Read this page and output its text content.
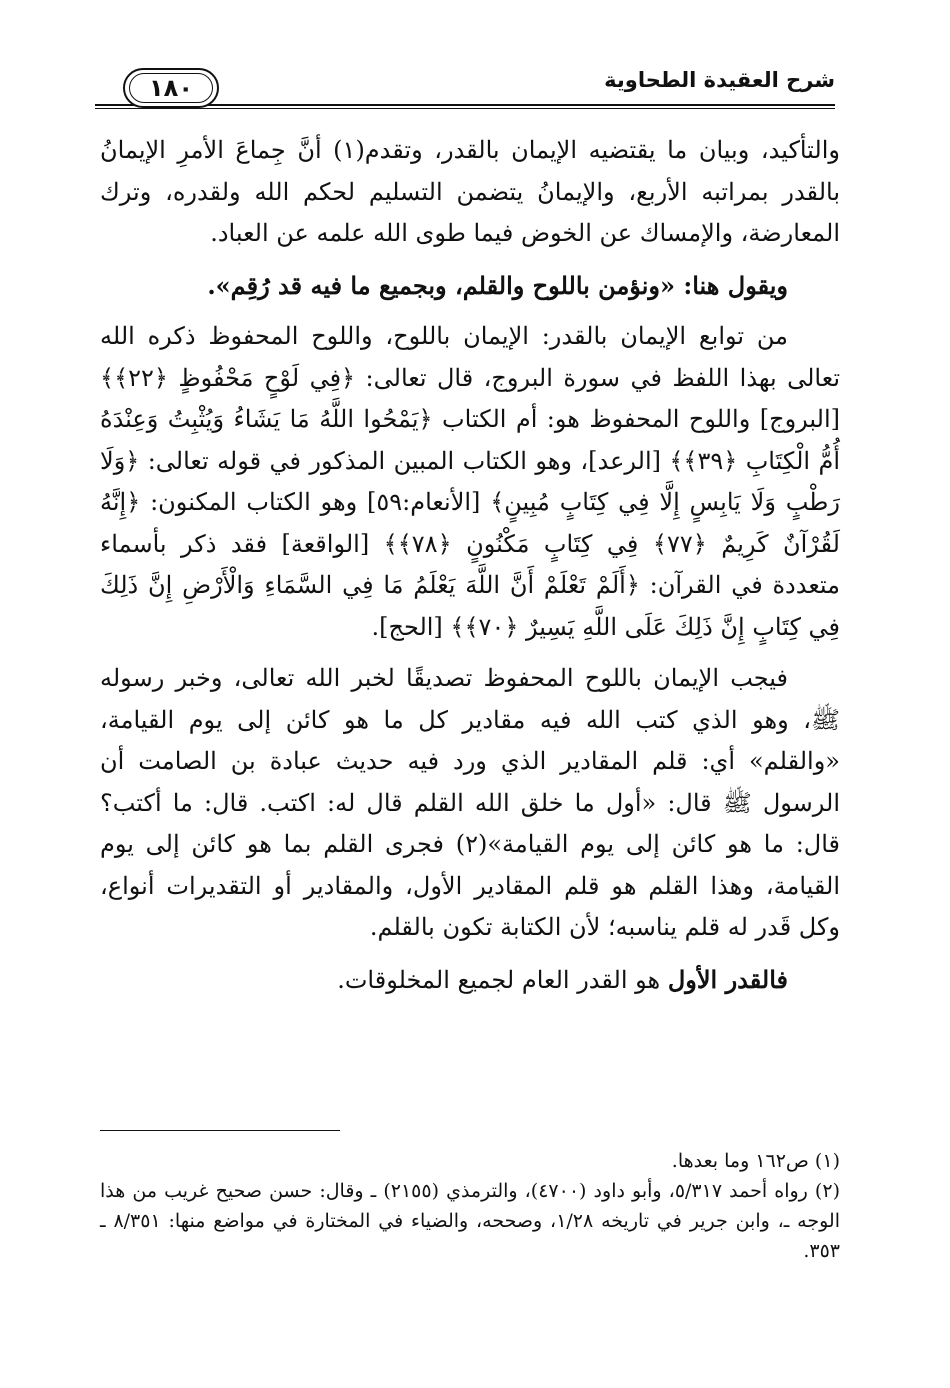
شرح العقيدة الطحاوية
١٨٠

والتأكيد، وبيان ما يقتضيه الإيمان بالقدر، وتقدم(١) أنَّ جِماعَ الأمرِ الإيمانُ بالقدر بمراتبه الأربع، والإيمانُ يتضمن التسليم لحكم الله ولقدره، وترك المعارضة، والإمساك عن الخوض فيما طوى الله علمه عن العباد.

ويقول هنا: «ونؤمن باللوح والقلم، وبجميع ما فيه قد رُقِم».

من توابع الإيمان بالقدر: الإيمان باللوح، واللوح المحفوظ ذكره الله تعالى بهذا اللفظ في سورة البروج، قال تعالى: ﴿فِي لَوْحٍ مَحْفُوظٍ ﴿٢٢﴾﴾ [البروج] واللوح المحفوظ هو: أم الكتاب ﴿يَمْحُوا اللَّهُ مَا يَشَاءُ وَيُثْبِتُ وَعِنْدَهُ أُمُّ الْكِتَابِ ﴿٣٩﴾﴾ [الرعد]، وهو الكتاب المبين المذكور في قوله تعالى: ﴿وَلَا رَطْبٍ وَلَا يَابِسٍ إِلَّا فِي كِتَابٍ مُبِينٍ﴾ [الأنعام:٥٩] وهو الكتاب المكنون: ﴿إِنَّهُ لَقُرْآنٌ كَرِيمٌ ﴿٧٧﴾ فِي كِتَابٍ مَكْنُونٍ ﴿٧٨﴾﴾ [الواقعة] فقد ذكر بأسماء متعددة في القرآن: ﴿أَلَمْ تَعْلَمْ أَنَّ اللَّهَ يَعْلَمُ مَا فِي السَّمَاءِ وَالْأَرْضِ إِنَّ ذَلِكَ فِي كِتَابٍ إِنَّ ذَلِكَ عَلَى اللَّهِ يَسِيرٌ ﴿٧٠﴾﴾ [الحج].

فيجب الإيمان باللوح المحفوظ تصديقًا لخبر الله تعالى، وخبر رسوله ﷺ، وهو الذي كتب الله فيه مقادير كل ما هو كائن إلى يوم القيامة، «والقلم» أي: قلم المقادير الذي ورد فيه حديث عبادة بن الصامت أن الرسول ﷺ قال: «أول ما خلق الله القلم قال له: اكتب. قال: ما أكتب؟ قال: ما هو كائن إلى يوم القيامة»(٢) فجرى القلم بما هو كائن إلى يوم القيامة، وهذا القلم هو قلم المقادير الأول، والمقادير أو التقديرات أنواع، وكل قَدر له قلم يناسبه؛ لأن الكتابة تكون بالقلم.

فالقدر الأول هو القدر العام لجميع المخلوقات.

(١) ص١٦٢ وما بعدها.

(٢) رواه أحمد ٥/٣١٧، وأبو داود (٤٧٠٠)، والترمذي (٢١٥٥) ـ وقال: حسن صحيح غريب من هذا الوجه ـ، وابن جرير في تاريخه ١/٢٨، وصححه، والضياء في المختارة في مواضع منها: ٨/٣٥١ ـ ٣٥٣.
